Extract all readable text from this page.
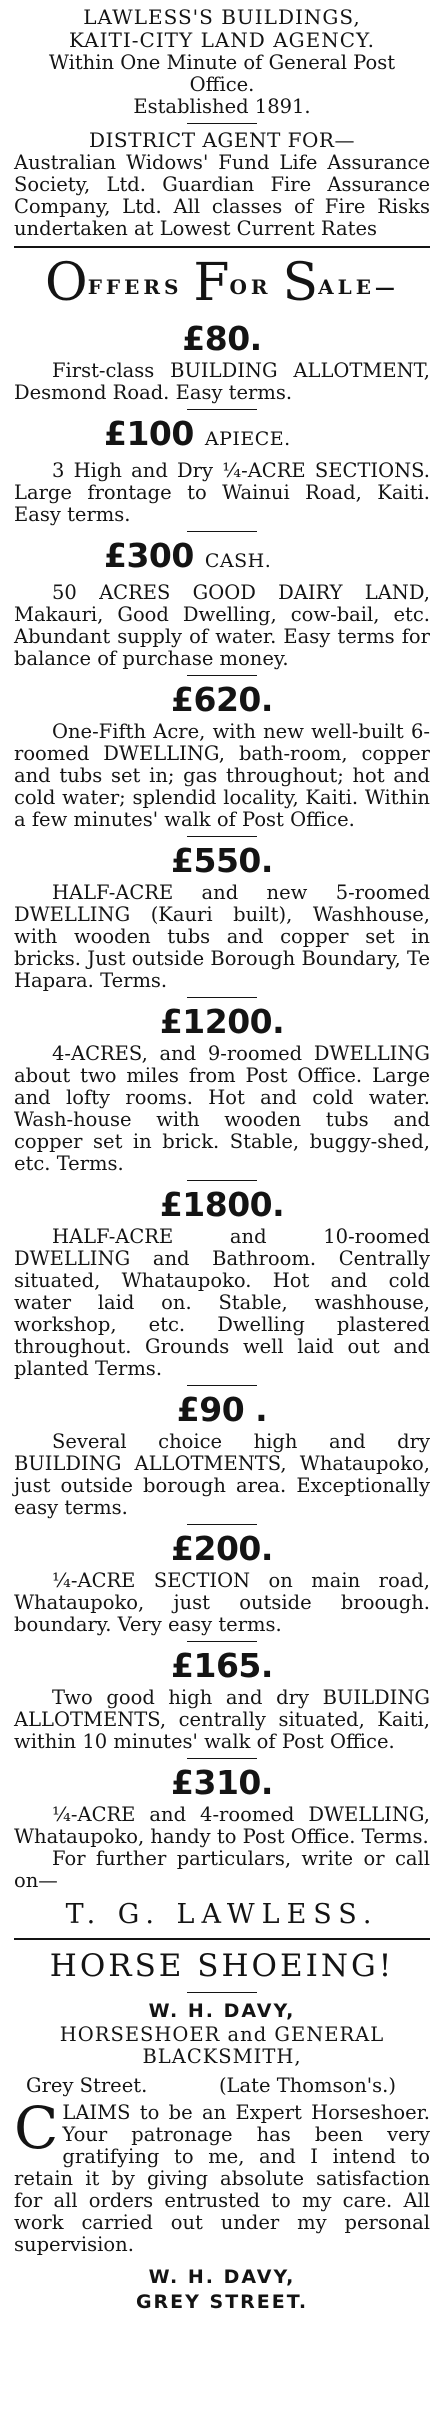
LAWLESS'S BUILDINGS,

KAITI-CITY LAND AGENCY.

Within One Minute of General Post Office.

Established 1891.

DISTRICT AGENT FOR—

Australian Widows' Fund Life Assurance Society, Ltd. Guardian Fire Assurance Company, Ltd. All classes of Fire Risks undertaken at Lowest Current Rates

OFFERS FOR SALE—
£80.

First-class BUILDING ALLOTMENT, Desmond Road. Easy terms.

£100 APIECE.

3 High and Dry ¼-ACRE SECTIONS. Large frontage to Wainui Road, Kaiti. Easy terms.

£300 CASH.

50 ACRES GOOD DAIRY LAND, Makauri, Good Dwelling, cow-bail, etc. Abundant supply of water. Easy terms for balance of purchase money.

£620.

One-Fifth Acre, with new well-built 6-roomed DWELLING, bath-room, copper and tubs set in; gas throughout; hot and cold water; splendid locality, Kaiti. Within a few minutes' walk of Post Office.

£550.

HALF-ACRE and new 5-roomed DWELLING (Kauri built), Washhouse, with wooden tubs and copper set in bricks. Just outside Borough Boundary, Te Hapara. Terms.

£1200.

4-ACRES, and 9-roomed DWELLING about two miles from Post Office. Large and lofty rooms. Hot and cold water. Wash-house with wooden tubs and copper set in brick. Stable, buggy-shed, etc. Terms.

£1800.

HALF-ACRE and 10-roomed DWELLING and Bathroom. Centrally situated, Whataupoko. Hot and cold water laid on. Stable, washhouse, workshop, etc. Dwelling plastered throughout. Grounds well laid out and planted Terms.

£90 .

Several choice high and dry BUILDING ALLOTMENTS, Whataupoko, just outside borough area. Exceptionally easy terms.

£200.

¼-ACRE SECTION on main road, Whataupoko, just outside broough. boundary. Very easy terms.

£165.

Two good high and dry BUILDING ALLOTMENTS, centrally situated, Kaiti, within 10 minutes' walk of Post Office.

£310.

¼-ACRE and 4-roomed DWELLING, Whataupoko, handy to Post Office. Terms.

For further particulars, write or call on—

T. G. LAWLESS.
HORSE SHOEING!
W. H. DAVY,

HORSESHOER and GENERAL

BLACKSMITH,

Grey Street.	(Late Thomson's.)

CLAIMS to be an Expert Horseshoer. Your patronage has been very gratifying to me, and I intend to retain it by giving absolute satisfaction for all orders entrusted to my care. All work carried out under my personal supervision.

W. H. DAVY,

GREY STREET.
